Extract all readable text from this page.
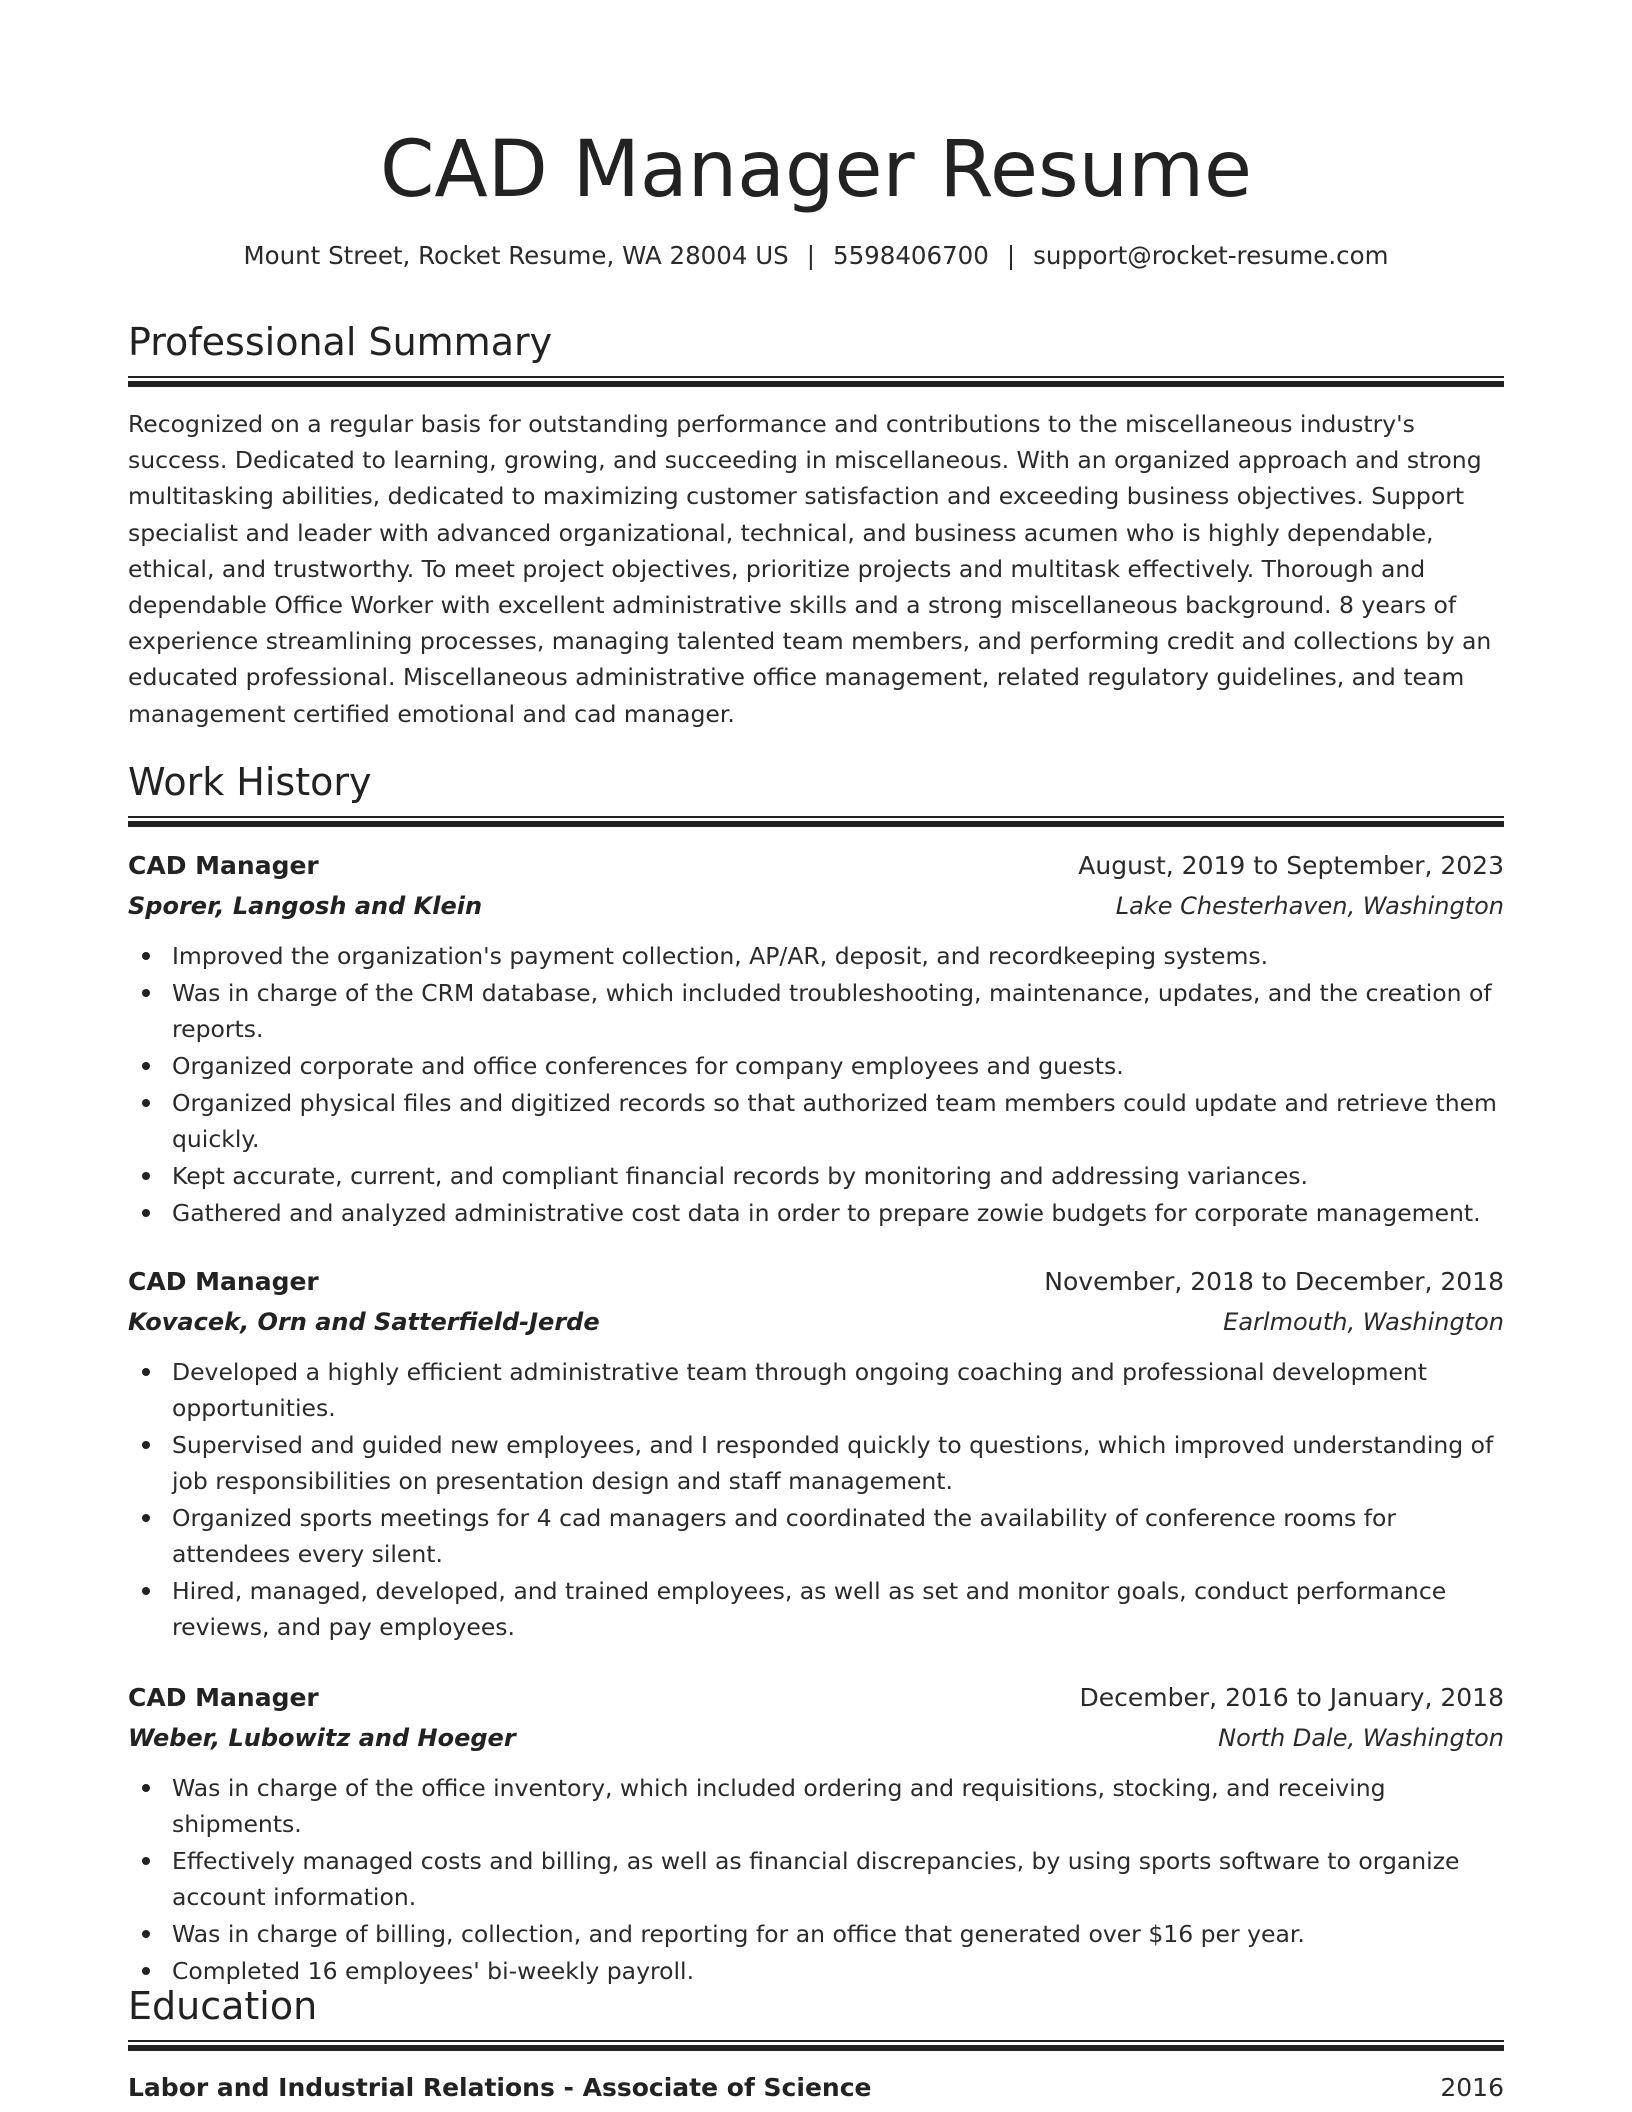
CAD Manager Resume
Mount Street, Rocket Resume, WA 28004 US | 5598406700 | support@rocket-resume.com
Professional Summary

Recognized on a regular basis for outstanding performance and contributions to the miscellaneous industry's success. Dedicated to learning, growing, and succeeding in miscellaneous. With an organized approach and strong multitasking abilities, dedicated to maximizing customer satisfaction and exceeding business objectives. Support specialist and leader with advanced organizational, technical, and business acumen who is highly dependable, ethical, and trustworthy. To meet project objectives, prioritize projects and multitask effectively. Thorough and dependable Office Worker with excellent administrative skills and a strong miscellaneous background. 8 years of experience streamlining processes, managing talented team members, and performing credit and collections by an educated professional. Miscellaneous administrative office management, related regulatory guidelines, and team management certified emotional and cad manager.

Work History
CAD Manager	August, 2019 to September, 2023
Sporer, Langosh and Klein	Lake Chesterhaven, Washington
Improved the organization's payment collection, AP/AR, deposit, and recordkeeping systems.
Was in charge of the CRM database, which included troubleshooting, maintenance, updates, and the creation of reports.
Organized corporate and office conferences for company employees and guests.
Organized physical files and digitized records so that authorized team members could update and retrieve them quickly.
Kept accurate, current, and compliant financial records by monitoring and addressing variances.
Gathered and analyzed administrative cost data in order to prepare zowie budgets for corporate management.
CAD Manager	November, 2018 to December, 2018
Kovacek, Orn and Satterfield-Jerde	Earlmouth, Washington
Developed a highly efficient administrative team through ongoing coaching and professional development opportunities.
Supervised and guided new employees, and I responded quickly to questions, which improved understanding of job responsibilities on presentation design and staff management.
Organized sports meetings for 4 cad managers and coordinated the availability of conference rooms for attendees every silent.
Hired, managed, developed, and trained employees, as well as set and monitor goals, conduct performance reviews, and pay employees.
CAD Manager	December, 2016 to January, 2018
Weber, Lubowitz and Hoeger	North Dale, Washington
Was in charge of the office inventory, which included ordering and requisitions, stocking, and receiving shipments.
Effectively managed costs and billing, as well as financial discrepancies, by using sports software to organize account information.
Was in charge of billing, collection, and reporting for an office that generated over $16 per year.
Completed 16 employees' bi-weekly payroll.
Education
Labor and Industrial Relations - Associate of Science	2016
